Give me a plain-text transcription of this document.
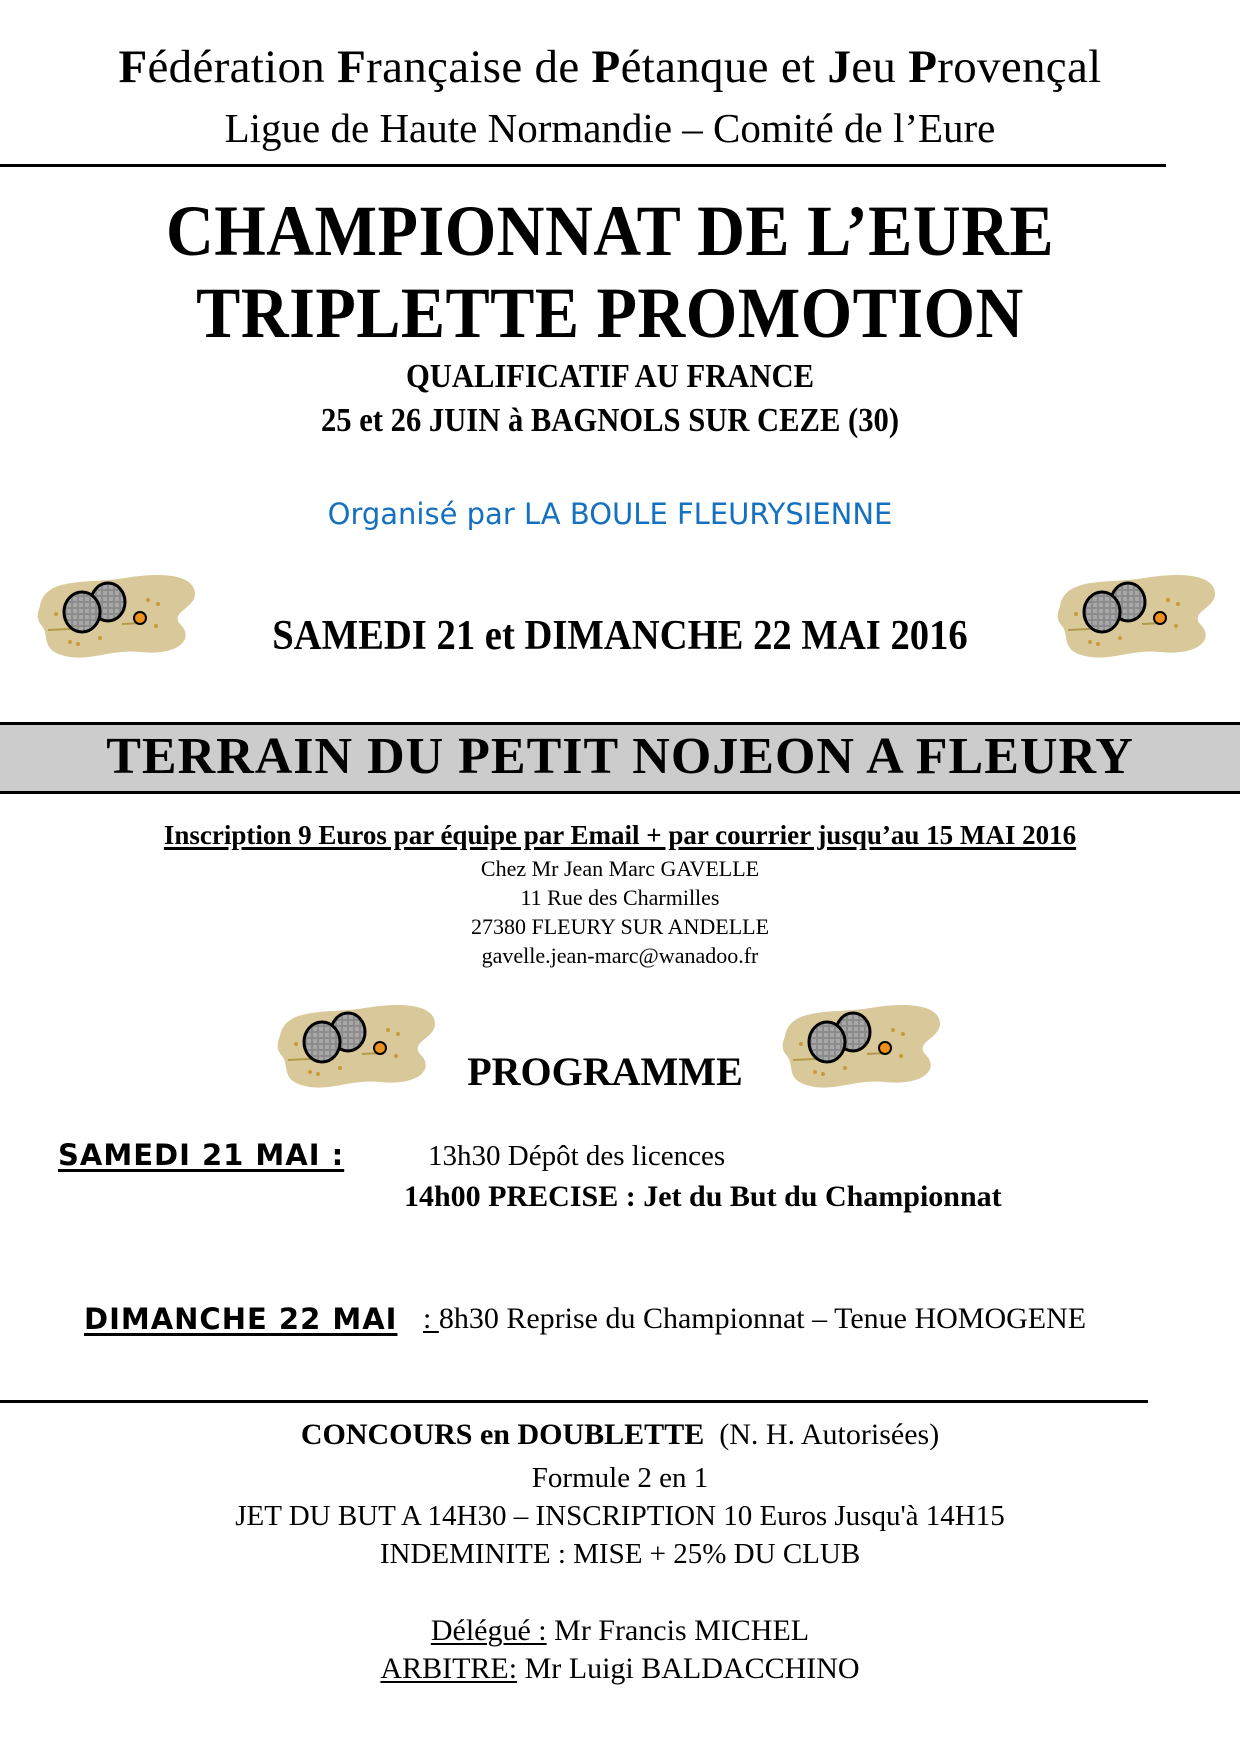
Fédération Française de Pétanque et Jeu Provençal
Ligue de Haute Normandie – Comité de l’Eure
CHAMPIONNAT DE L’EURE
TRIPLETTE PROMOTION
QUALIFICATIF AU FRANCE
25 et 26 JUIN à BAGNOLS SUR CEZE (30)
Organisé par LA BOULE FLEURYSIENNE
SAMEDI 21 et DIMANCHE 22 MAI 2016
TERRAIN DU PETIT NOJEON A FLEURY
Inscription 9 Euros par équipe par Email + par courrier jusqu’au 15 MAI 2016
Chez Mr Jean Marc GAVELLE
11 Rue des Charmilles
27380 FLEURY SUR ANDELLE
gavelle.jean-marc@wanadoo.fr
PROGRAMME
SAMEDI 21 MAI :	13h30 Dépôt des licences
14h00 PRECISE : Jet du But du Championnat
DIMANCHE 22 MAI : 8h30 Reprise du Championnat – Tenue HOMOGENE
CONCOURS en DOUBLETTE (N. H. Autorisées)
Formule 2 en 1
JET DU BUT A 14H30 – INSCRIPTION 10 Euros Jusqu'à 14H15
INDEMINITE : MISE + 25% DU CLUB
Délégué : Mr Francis MICHEL
ARBITRE: Mr Luigi BALDACCHINO
